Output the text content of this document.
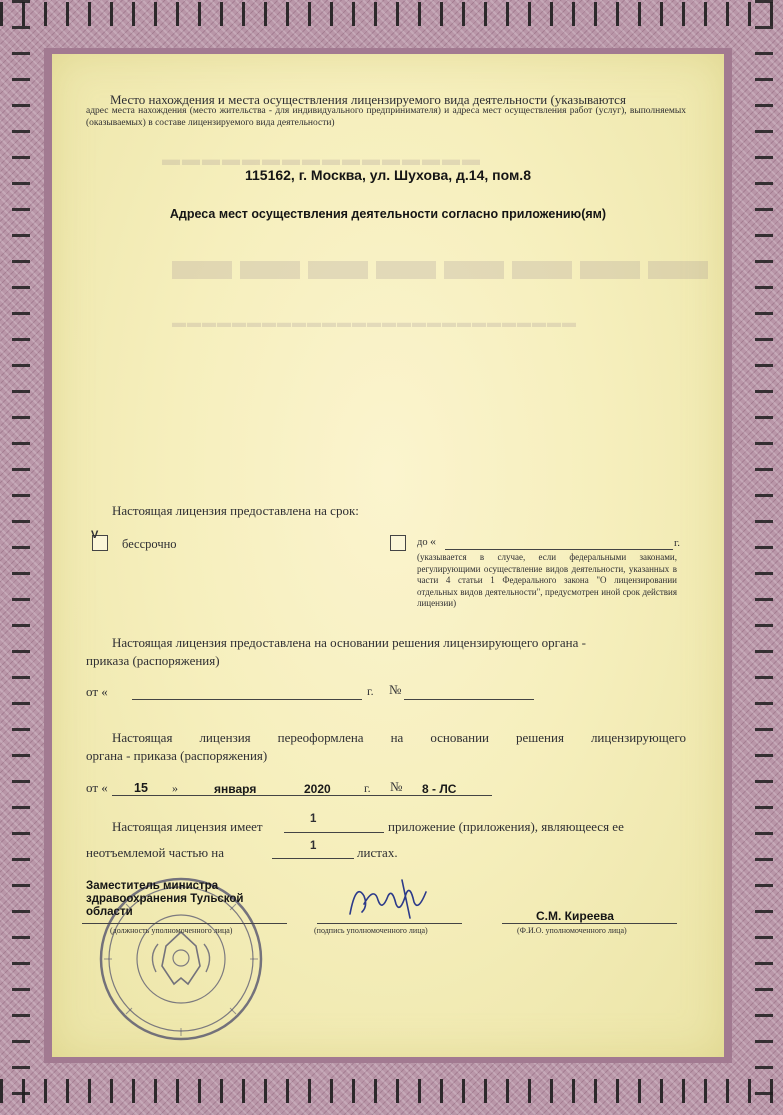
▬▬▬▬▬▬▬▬▬▬▬▬▬▬▬▬
▬▬▬▬▬▬▬▬
▬▬▬▬▬▬▬▬▬▬▬▬▬▬▬▬▬▬▬▬▬▬▬▬▬▬▬
Место нахождения и места осуществления лицензируемого вида деятельности (указываются
адрес места нахождения (место жительства - для индивидуального предпринимателя) и адреса мест осуществления работ (услуг), выполняемых (оказываемых) в составе лицензируемого вида деятельности)
115162, г. Москва, ул. Шухова, д.14, пом.8
Адреса мест осуществления деятельности согласно приложению(ям)
Настоящая лицензия предоставлена на срок:
V
бессрочно	до «	г.
(указывается в случае, если федеральными законами, регулирующими осуществление видов деятельности, указанных в части 4 статьи 1 Федерального закона "О лицензировании отдельных видов деятельности", предусмотрен иной срок действия лицензии)
Настоящая лицензия предоставлена на основании решения лицензирующего органа -
приказа (распоряжения)
от «	г. №
Настоящая лицензия переоформлена на основании решения лицензирующего
органа - приказа (распоряжения)
от « 15 »	января	2020	г. № 8 - ЛС
Настоящая лицензия имеет	1	приложение (приложения), являющееся ее
неотъемлемой частью на	1	листах.
Заместитель министра здравоохранения Тульской области
(должность уполномоченного лица)	(подпись уполномоченного лица)	(Ф.И.О. уполномоченного лица)
С.М. Киреева
